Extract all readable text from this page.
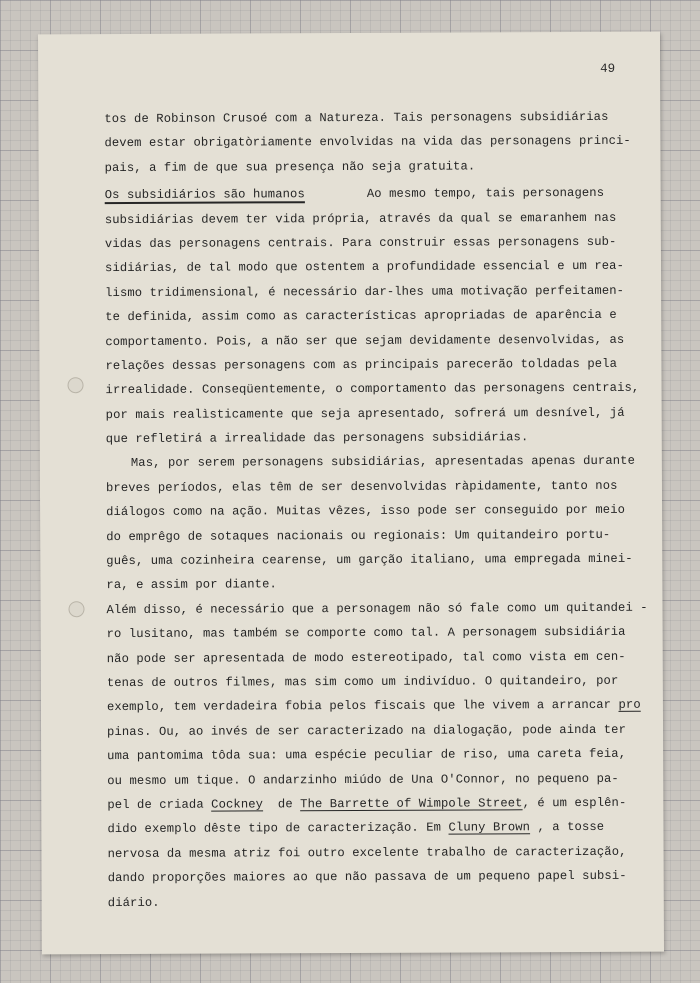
49
tos de Robinson Crusoé com a Natureza. Tais personagens subsidiárias
devem estar obrigatòriamente envolvidas na vida das personagens princi-
pais, a fim de que sua presença não seja gratuita.
Os subsidiários são humanos	Ao mesmo tempo, tais personagens
subsidiárias devem ter vida própria, através da qual se emaranhem nas
vidas das personagens centrais. Para construir essas personagens sub-
sidiárias, de tal modo que ostentem a profundidade essencial e um rea-
lismo tridimensional, é necessário dar-lhes uma motivação perfeitamen-
te definida, assim como as características apropriadas de aparência e
comportamento. Pois, a não ser que sejam devidamente desenvolvidas, as
relações dessas personagens com as principais parecerão toldadas pela
irrealidade. Conseqüentemente, o comportamento das personagens centrais,
por mais realìsticamente que seja apresentado, sofrerá um desnível, já
que refletirá a irrealidade das personagens subsidiárias.
Mas, por serem personagens subsidiárias, apresentadas apenas durante
breves períodos, elas têm de ser desenvolvidas ràpidamente, tanto nos
diálogos como na ação. Muitas vêzes, isso pode ser conseguido por meio
do emprêgo de sotaques nacionais ou regionais: Um quitandeiro portu-
guês, uma cozinheira cearense, um garção italiano, uma empregada minei-
ra, e assim por diante.
Além disso, é necessário que a personagem não só fale como um quitandei -
ro lusitano, mas também se comporte como tal. A personagem subsidiária
não pode ser apresentada de modo estereotipado, tal como vista em cen-
tenas de outros filmes, mas sim como um indivíduo. O quitandeiro, por
exemplo, tem verdadeira fobia pelos fiscais que lhe vivem a arrancar pro
pinas. Ou, ao invés de ser caracterizado na dialogação, pode ainda ter
uma pantomima tôda sua: uma espécie peculiar de riso, uma careta feia,
ou mesmo um tique. O andarzinho miúdo de Una O'Connor, no pequeno pa-
pel de criada Cockney  de The Barrette of Wimpole Street, é um esplên-
dido exemplo dêste tipo de caracterização. Em Cluny Brown , a tosse
nervosa da mesma atriz foi outro excelente trabalho de caracterização,
dando proporções maiores ao que não passava de um pequeno papel subsi-
diário.
